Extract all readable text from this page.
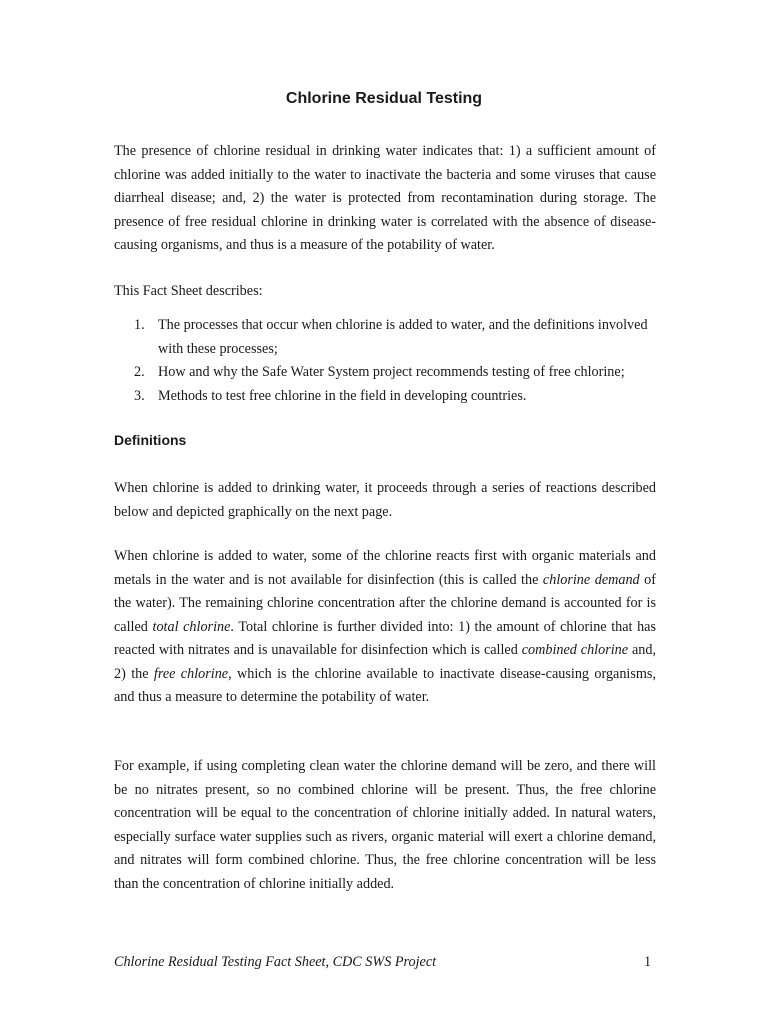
Chlorine Residual Testing

The presence of chlorine residual in drinking water indicates that: 1) a sufficient amount of chlorine was added initially to the water to inactivate the bacteria and some viruses that cause diarrheal disease; and, 2) the water is protected from recontamination during storage. The presence of free residual chlorine in drinking water is correlated with the absence of disease-causing organisms, and thus is a measure of the potability of water.

This Fact Sheet describes:

1. The processes that occur when chlorine is added to water, and the definitions involved with these processes;
2. How and why the Safe Water System project recommends testing of free chlorine;
3. Methods to test free chlorine in the field in developing countries.
Definitions

When chlorine is added to drinking water, it proceeds through a series of reactions described below and depicted graphically on the next page.

When chlorine is added to water, some of the chlorine reacts first with organic materials and metals in the water and is not available for disinfection (this is called the chlorine demand of the water). The remaining chlorine concentration after the chlorine demand is accounted for is called total chlorine. Total chlorine is further divided into: 1) the amount of chlorine that has reacted with nitrates and is unavailable for disinfection which is called combined chlorine and, 2) the free chlorine, which is the chlorine available to inactivate disease-causing organisms, and thus a measure to determine the potability of water.

For example, if using completing clean water the chlorine demand will be zero, and there will be no nitrates present, so no combined chlorine will be present. Thus, the free chlorine concentration will be equal to the concentration of chlorine initially added. In natural waters, especially surface water supplies such as rivers, organic material will exert a chlorine demand, and nitrates will form combined chlorine. Thus, the free chlorine concentration will be less than the concentration of chlorine initially added.

Chlorine Residual Testing Fact Sheet, CDC SWS Project	1
